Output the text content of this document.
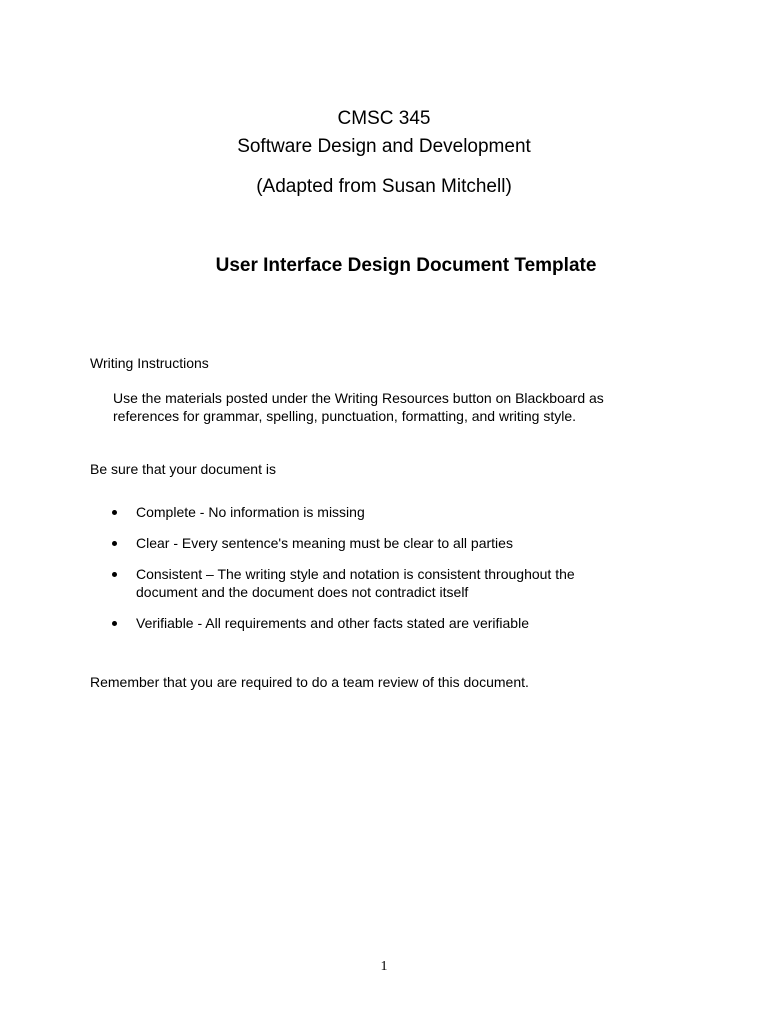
CMSC 345
Software Design and Development
(Adapted from Susan Mitchell)
User Interface Design Document Template
Writing Instructions
Use the materials posted under the Writing Resources button on Blackboard as
references for grammar, spelling, punctuation, formatting, and writing style.
Be sure that your document is
Complete - No information is missing
Clear - Every sentence's meaning must be clear to all parties
Consistent – The writing style and notation is consistent throughout the
document and the document does not contradict itself
Verifiable - All requirements and other facts stated are verifiable
Remember that you are required to do a team review of this document.
1
